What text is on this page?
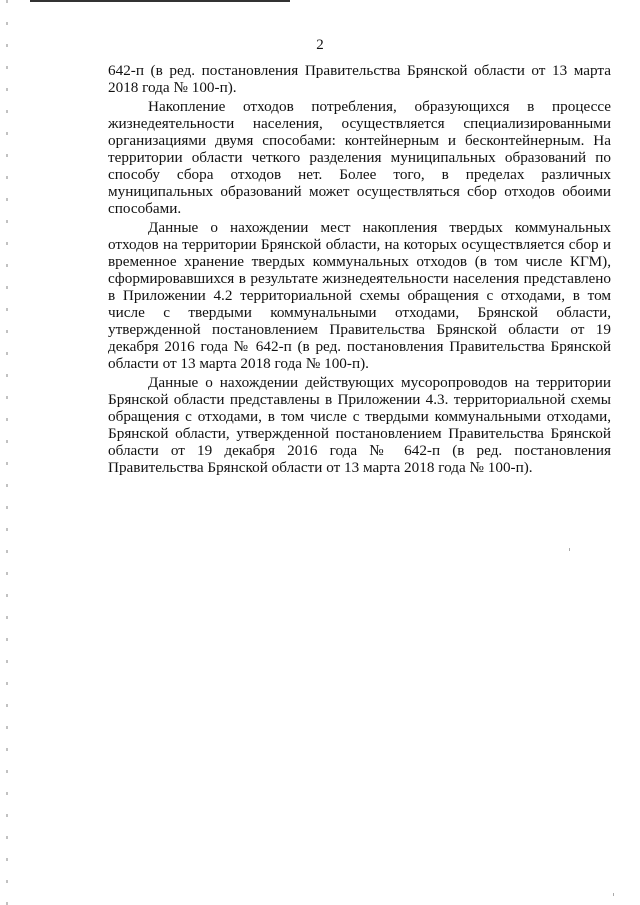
2

642-п (в ред. постановления Правительства Брянской области от 13 марта 2018 года № 100-п).

Накопление отходов потребления, образующихся в процессе жизнедеятельности населения, осуществляется специализированными организациями двумя способами: контейнерным и бесконтейнерным. На территории области четкого разделения муниципальных образований по способу сбора отходов нет. Более того, в пределах различных муниципальных образований может осуществляться сбор отходов обоими способами.

Данные о нахождении мест накопления твердых коммунальных отходов на территории Брянской области, на которых осуществляется сбор и временное хранение твердых коммунальных отходов (в том числе КГМ), сформировавшихся в результате жизнедеятельности населения представлено в Приложении 4.2 территориальной схемы обращения с отходами, в том числе с твердыми коммунальными отходами, Брянской области, утвержденной постановлением Правительства Брянской области от 19 декабря 2016 года № 642-п (в ред. постановления Правительства Брянской области от 13 марта 2018 года № 100-п).

Данные о нахождении действующих мусоропроводов на территории Брянской области представлены в Приложении 4.3. территориальной схемы обращения с отходами, в том числе с твердыми коммунальными отходами, Брянской области, утвержденной постановлением Правительства Брянской области от 19 декабря 2016 года № 642-п (в ред. постановления Правительства Брянской области от 13 марта 2018 года № 100-п).
